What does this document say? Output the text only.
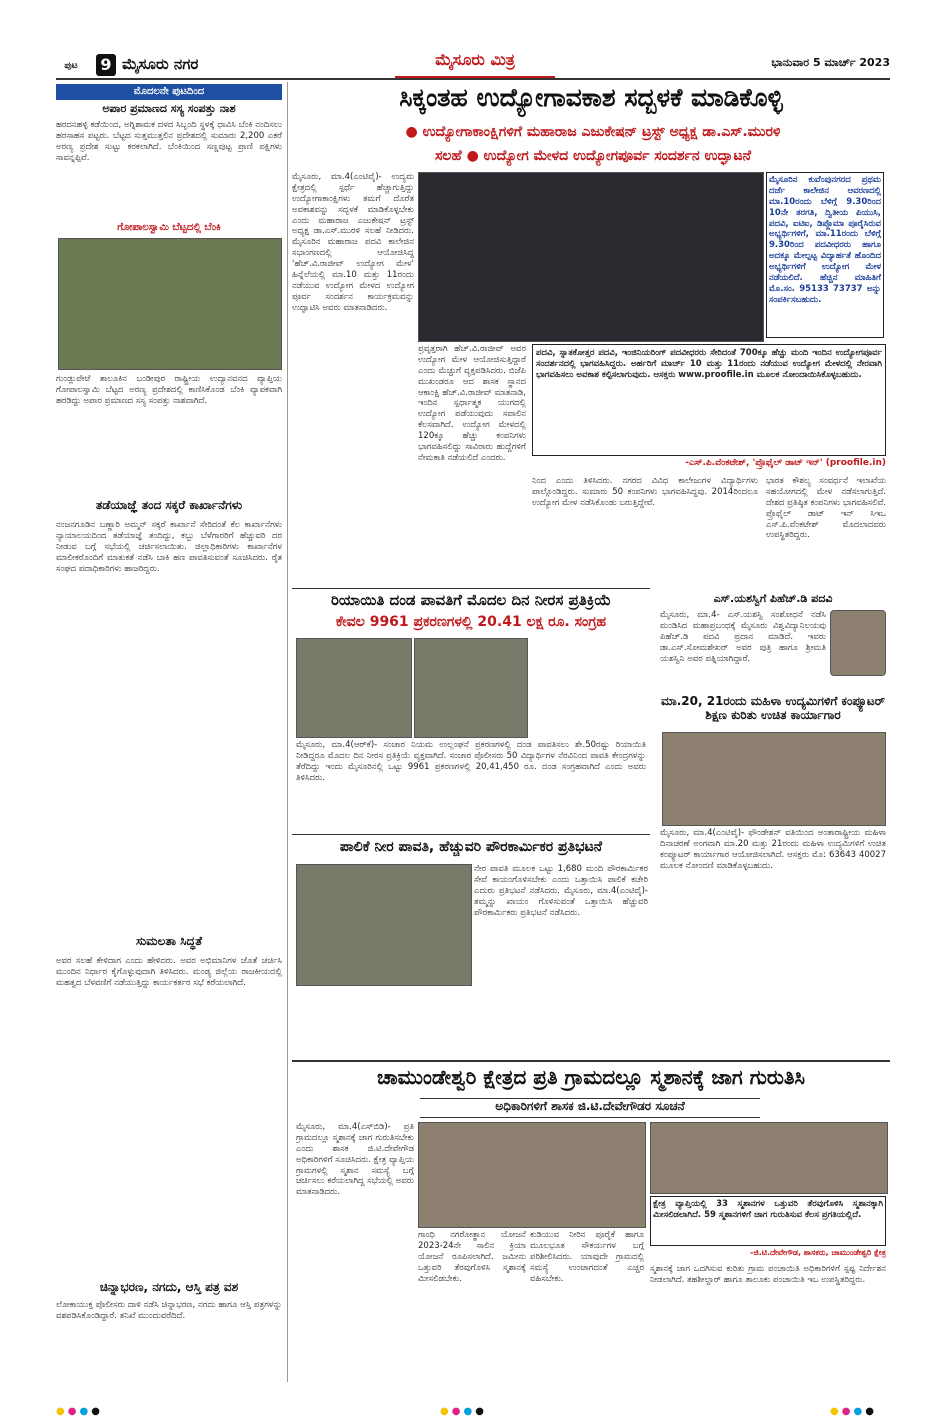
ಪುಟ	9 ಮೈಸೂರು ನಗರ	ಮೈಸೂರು ಮಿತ್ರ	ಭಾನುವಾರ 5 ಮಾರ್ಚ್ 2023
ಮೊದಲನೇ ಪುಟದಿಂದ
ಅಪಾರ ಪ್ರಮಾಣದ ಸಸ್ಯ ಸಂಪತ್ತು ನಾಶ
ಹರದನಹಳ್ಳಿ ಕಡೆಯಿಂದ, ಅಗ್ನಿಶಾಮಕ ದಳದ ಸಿಬ್ಬಂದಿ ಸ್ಥಳಕ್ಕೆ ಧಾವಿಸಿ ಬೆಂಕಿ ನಂದಿಸಲು ಹರಸಾಹಸ ಪಟ್ಟರು. ಬೆಟ್ಟದ ಸುತ್ತಮುತ್ತಲಿನ ಪ್ರದೇಶದಲ್ಲಿ ಸುಮಾರು 2,200 ಎಕರೆ ಅರಣ್ಯ ಪ್ರದೇಶ ಸುಟ್ಟು ಕರಕಲಾಗಿದೆ. ಬೆಂಕಿಯಿಂದ ಸಣ್ಣಪುಟ್ಟ ಪ್ರಾಣಿ ಪಕ್ಷಿಗಳು ಸಾವನ್ನಪ್ಪಿವೆ.
ಗೋಪಾಲಸ್ವಾಮಿ ಬೆಟ್ಟದಲ್ಲಿ ಬೆಂಕಿ
ಗುಂಡ್ಲುಪೇಟೆ ತಾಲೂಕಿನ ಬಂಡೀಪುರ ರಾಷ್ಟ್ರೀಯ ಉದ್ಯಾನವನದ ವ್ಯಾಪ್ತಿಯ ಗೋಪಾಲಸ್ವಾಮಿ ಬೆಟ್ಟದ ಅರಣ್ಯ ಪ್ರದೇಶದಲ್ಲಿ ಕಾಣಿಸಿಕೊಂಡ ಬೆಂಕಿ ವ್ಯಾಪಕವಾಗಿ ಹರಡಿದ್ದು ಅಪಾರ ಪ್ರಮಾಣದ ಸಸ್ಯ ಸಂಪತ್ತು ನಾಶವಾಗಿದೆ.
ತಡೆಯಾಜ್ಞೆ ತಂದ ಸಕ್ಕರೆ ಕಾರ್ಖಾನೆಗಳು
ನಂಜನಗೂಡಿನ ಬಣ್ಣಾರಿ ಅಮ್ಮನ್ ಸಕ್ಕರೆ ಕಾರ್ಖಾನೆ ಸೇರಿದಂತೆ ಕೆಲ ಕಾರ್ಖಾನೆಗಳು ನ್ಯಾಯಾಲಯದಿಂದ ತಡೆಯಾಜ್ಞೆ ತಂದಿದ್ದು, ಕಬ್ಬು ಬೆಳೆಗಾರರಿಗೆ ಹೆಚ್ಚುವರಿ ದರ ನೀಡುವ ಬಗ್ಗೆ ಸಭೆಯಲ್ಲಿ ಚರ್ಚಿಸಲಾಯಿತು. ಜಿಲ್ಲಾಧಿಕಾರಿಗಳು ಕಾರ್ಖಾನೆಗಳ ಮಾಲೀಕರೊಂದಿಗೆ ಮಾತುಕತೆ ನಡೆಸಿ ಬಾಕಿ ಹಣ ಪಾವತಿಸುವಂತೆ ಸೂಚಿಸಿದರು. ರೈತ ಸಂಘದ ಪದಾಧಿಕಾರಿಗಳು ಹಾಜರಿದ್ದರು.
ಸುಮಲತಾ ಸಿದ್ಧತೆ
ಅವರ ಸಲಹೆ ಕೇಳಿದಾಗ ಎಂದು ಹೇಳಿದರು. ಅವರ ಅಭಿಮಾನಿಗಳ ಜೊತೆ ಚರ್ಚಿಸಿ ಮುಂದಿನ ನಿರ್ಧಾರ ಕೈಗೊಳ್ಳುವುದಾಗಿ ತಿಳಿಸಿದರು. ಮಂಡ್ಯ ಜಿಲ್ಲೆಯ ರಾಜಕೀಯದಲ್ಲಿ ಮಹತ್ವದ ಬೆಳವಣಿಗೆ ನಡೆಯುತ್ತಿದ್ದು ಕಾರ್ಯಕರ್ತರ ಸಭೆ ಕರೆಯಲಾಗಿದೆ.
ಚಿನ್ನಾಭರಣ, ನಗದು, ಆಸ್ತಿ ಪತ್ರ ವಶ
ಲೋಕಾಯುಕ್ತ ಪೊಲೀಸರು ದಾಳಿ ನಡೆಸಿ ಚಿನ್ನಾಭರಣ, ನಗದು ಹಾಗೂ ಆಸ್ತಿ ಪತ್ರಗಳನ್ನು ವಶಪಡಿಸಿಕೊಂಡಿದ್ದಾರೆ. ತನಿಖೆ ಮುಂದುವರೆದಿದೆ.
ಸಿಕ್ಕಂತಹ ಉದ್ಯೋಗಾವಕಾಶ ಸದ್ಬಳಕೆ ಮಾಡಿಕೊಳ್ಳಿ
● ಉದ್ಯೋಗಾಕಾಂಕ್ಷಿಗಳಿಗೆ ಮಹಾರಾಜ ಎಜುಕೇಷನ್ ಟ್ರಸ್ಟ್ ಅಧ್ಯಕ್ಷ ಡಾ.ಎಸ್.ಮುರಳಿ
ಸಲಹೆ ● ಉದ್ಯೋಗ ಮೇಳದ ಉದ್ಯೋಗಪೂರ್ವ ಸಂದರ್ಶನ ಉದ್ಘಾಟನೆ
ಮೈಸೂರಿನ ಕುವೆಂಪುನಗರದ ಪ್ರಥಮ ದರ್ಜೆ ಕಾಲೇಜಿನ ಆವರಣದಲ್ಲಿ ಮಾ.10ರಂದು ಬೆಳಿಗ್ಗೆ 9.30ರಿಂದ 10ನೇ ತರಗತಿ, ದ್ವಿತೀಯ ಪಿಯುಸಿ, ಪದವಿ, ಐಟಿಐ, ಡಿಪ್ಲೊಮಾ ಪೂರೈಸಿರುವ ಅಭ್ಯರ್ಥಿಗಳಿಗೆ, ಮಾ.11ರಂದು ಬೆಳಿಗ್ಗೆ 9.30ರಿಂದ ಪದವೀಧರರು ಹಾಗೂ ಅದಕ್ಕೂ ಮೇಲ್ಪಟ್ಟ ವಿದ್ಯಾರ್ಹತೆ ಹೊಂದಿದ ಅಭ್ಯರ್ಥಿಗಳಿಗೆ ಉದ್ಯೋಗ ಮೇಳ ನಡೆಯಲಿದೆ. ಹೆಚ್ಚಿನ ಮಾಹಿತಿಗೆ ಮೊ.ಸಂ. 95133 73737 ಅನ್ನು ಸಂಪರ್ಕಿಸಬಹುದು.
ಮೈಸೂರು, ಮಾ.4(ಎಂಟಿವೈ)- ಉದ್ಯಮ ಕ್ಷೇತ್ರದಲ್ಲಿ ಸ್ಪರ್ಧೆ ಹೆಚ್ಚಾಗುತ್ತಿದ್ದು ಉದ್ಯೋಗಾಕಾಂಕ್ಷಿಗಳು ತಮಗೆ ದೊರೆತ ಅವಕಾಶವನ್ನು ಸದ್ಬಳಕೆ ಮಾಡಿಕೊಳ್ಳಬೇಕು ಎಂದು ಮಹಾರಾಜ ಎಜುಕೇಷನ್ ಟ್ರಸ್ಟ್ ಅಧ್ಯಕ್ಷ ಡಾ.ಎಸ್.ಮುರಳಿ ಸಲಹೆ ನೀಡಿದರು. ಮೈಸೂರಿನ ಮಹಾರಾಜ ಪದವಿ ಕಾಲೇಜಿನ ಸಭಾಂಗಣದಲ್ಲಿ ಆಯೋಜಿಸಿದ್ದ 'ಹೆಚ್.ವಿ.ರಾಜೀವ್ ಉದ್ಯೋಗ ಮೇಳ' ಹಿನ್ನೆಲೆಯಲ್ಲಿ ಮಾ.10 ಮತ್ತು 11ರಂದು ನಡೆಯುವ ಉದ್ಯೋಗ ಮೇಳದ ಉದ್ಯೋಗ ಪೂರ್ವ ಸಂದರ್ಶನ ಕಾರ್ಯಕ್ರಮವನ್ನು ಉದ್ಘಾಟಿಸಿ ಅವರು ಮಾತನಾಡಿದರು.
ಪ್ರವೃತ್ತರಾಗಿ ಹೆಚ್.ವಿ.ರಾಜೀವ್ ಅವರ ಉದ್ಯೋಗ ಮೇಳ ಆಯೋಜಿಸುತ್ತಿದ್ದಾರೆ ಎಂದು ಮೆಚ್ಚುಗೆ ವ್ಯಕ್ತಪಡಿಸಿದರು. ಬಿಜೆಪಿ ಮುಖಂಡರೂ ಆದ ಶಾಸಕ ಸ್ಥಾನದ ಆಕಾಂಕ್ಷಿ ಹೆಚ್.ವಿ.ರಾಜೀವ್ ಮಾತನಾಡಿ, ಇಂದಿನ ಸ್ಪರ್ಧಾತ್ಮಕ ಯುಗದಲ್ಲಿ ಉದ್ಯೋಗ ಪಡೆಯುವುದು ಸವಾಲಿನ ಕೆಲಸವಾಗಿದೆ. ಉದ್ಯೋಗ ಮೇಳದಲ್ಲಿ 120ಕ್ಕೂ ಹೆಚ್ಚು ಕಂಪನಿಗಳು ಭಾಗವಹಿಸಲಿದ್ದು ಸಾವಿರಾರು ಹುದ್ದೆಗಳಿಗೆ ನೇಮಕಾತಿ ನಡೆಯಲಿದೆ ಎಂದರು.
ಪದವಿ, ಸ್ನಾತಕೋತ್ತರ ಪದವಿ, ಇಂಜಿನಿಯರಿಂಗ್ ಪದವೀಧರರು ಸೇರಿದಂತೆ 700ಕ್ಕೂ ಹೆಚ್ಚು ಮಂದಿ ಇಂದಿನ ಉದ್ಯೋಗಪೂರ್ವ ಸಂದರ್ಶನದಲ್ಲಿ ಭಾಗವಹಿಸಿದ್ದರು. ಅರ್ಹರಿಗೆ ಮಾರ್ಚ್ 10 ಮತ್ತು 11ರಂದು ನಡೆಯುವ ಉದ್ಯೋಗ ಮೇಳದಲ್ಲಿ ನೇರವಾಗಿ ಭಾಗವಹಿಸಲು ಅವಕಾಶ ಕಲ್ಪಿಸಲಾಗುವುದು. ಆಸಕ್ತರು www.proofile.in ಮೂಲಕ ನೋಂದಾಯಿಸಿಕೊಳ್ಳಬಹುದು.
-ಎಸ್.ಪಿ.ವೆಂಕಟೇಶ್, 'ಪ್ರೊಫೈಲ್ ಡಾಟ್ ಇನ್' (proofile.in)
ನಿಂದ ಎಂದು ತಿಳಿಸಿದರು. ನಗರದ ವಿವಿಧ ಕಾಲೇಜುಗಳ ವಿದ್ಯಾರ್ಥಿಗಳು ಪಾಲ್ಗೊಂಡಿದ್ದರು. ಸುಮಾರು 50 ಕಂಪನಿಗಳು ಭಾಗವಹಿಸಿದ್ದವು. 2014ರಿಂದಲೂ ಉದ್ಯೋಗ ಮೇಳ ನಡೆಸಿಕೊಂಡು ಬರುತ್ತಿದ್ದೇವೆ.
ಭಾರತ ಕೌಶಲ್ಯ ಸಂವರ್ಧನೆ ಇಲಾಖೆಯ ಸಹಯೋಗದಲ್ಲಿ ಮೇಳ ನಡೆಸಲಾಗುತ್ತಿದೆ. ದೇಶದ ಪ್ರತಿಷ್ಠಿತ ಕಂಪನಿಗಳು ಭಾಗವಹಿಸಲಿವೆ. ಪ್ರೊಫೈಲ್ ಡಾಟ್ ಇನ್ ಸಿಇಒ ಎಸ್.ಪಿ.ವೆಂಕಟೇಶ್ ಮೊದಲಾದವರು ಉಪಸ್ಥಿತರಿದ್ದರು.
ರಿಯಾಯಿತಿ ದಂಡ ಪಾವತಿಗೆ ಮೊದಲ ದಿನ ನೀರಸ ಪ್ರತಿಕ್ರಿಯೆ
ಕೇವಲ 9961 ಪ್ರಕರಣಗಳಲ್ಲಿ 20.41 ಲಕ್ಷ ರೂ. ಸಂಗ್ರಹ
ಮೈಸೂರು, ಮಾ.4(ಆರ್‌ಕೆ)- ಸಂಚಾರ ನಿಯಮ ಉಲ್ಲಂಘನೆ ಪ್ರಕರಣಗಳಲ್ಲಿ ದಂಡ ಪಾವತಿಸಲು ಶೇ.50ರಷ್ಟು ರಿಯಾಯಿತಿ ನೀಡಿದ್ದರೂ ಮೊದಲ ದಿನ ನೀರಸ ಪ್ರತಿಕ್ರಿಯೆ ವ್ಯಕ್ತವಾಗಿದೆ. ಸಂಚಾರ ಪೊಲೀಸರು 50 ವಿದ್ಯಾರ್ಥಿಗಳ ನೆರವಿನಿಂದ ಪಾವತಿ ಕೇಂದ್ರಗಳನ್ನು ತೆರೆದಿದ್ದು ಇಂದು ಮೈಸೂರಿನಲ್ಲಿ ಒಟ್ಟು 9961 ಪ್ರಕರಣಗಳಲ್ಲಿ 20,41,450 ರೂ. ದಂಡ ಸಂಗ್ರಹವಾಗಿದೆ ಎಂದು ಅವರು ತಿಳಿಸಿದರು.
ಎಸ್.ಯಶಸ್ವಿಗೆ ಪಿಹೆಚ್.ಡಿ ಪದವಿ
ಮೈಸೂರು, ಮಾ.4- ಎಸ್.ಯಶಸ್ವಿ ಸಂಶೋಧನೆ ನಡೆಸಿ ಮಂಡಿಸಿದ ಮಹಾಪ್ರಬಂಧಕ್ಕೆ ಮೈಸೂರು ವಿಶ್ವವಿದ್ಯಾನಿಲಯವು ಪಿಹೆಚ್.ಡಿ ಪದವಿ ಪ್ರದಾನ ಮಾಡಿದೆ. ಇವರು ಡಾ.ಎಸ್.ಸೋಮಶೇಖರ್ ಅವರ ಪುತ್ರಿ ಹಾಗೂ ಶ್ರೀಮತಿ ಯಶಸ್ವಿನಿ ಅವರ ಪತ್ನಿಯಾಗಿದ್ದಾರೆ.
ಮಾ.20, 21ರಂದು ಮಹಿಳಾ ಉದ್ಯಮಿಗಳಿಗೆ ಕಂಪ್ಯೂಟರ್ ಶಿಕ್ಷಣ ಕುರಿತು ಉಚಿತ ಕಾರ್ಯಾಗಾರ
ಮೈಸೂರು, ಮಾ.4(ಎಂಟಿವೈ)- ಫೌಂಡೇಶನ್ ವತಿಯಿಂದ ಅಂತಾರಾಷ್ಟ್ರೀಯ ಮಹಿಳಾ ದಿನಾಚರಣೆ ಅಂಗವಾಗಿ ಮಾ.20 ಮತ್ತು 21ರಂದು ಮಹಿಳಾ ಉದ್ಯಮಿಗಳಿಗೆ ಉಚಿತ ಕಂಪ್ಯೂಟರ್ ಕಾರ್ಯಾಗಾರ ಆಯೋಜಿಸಲಾಗಿದೆ. ಆಸಕ್ತರು ಮೊ: 63643 40027 ಮೂಲಕ ನೋಂದಣಿ ಮಾಡಿಕೊಳ್ಳಬಹುದು.
ಪಾಲಿಕೆ ನೀರ ಪಾವತಿ, ಹೆಚ್ಚುವರಿ ಪೌರಕಾರ್ಮಿಕರ ಪ್ರತಿಭಟನೆ
ನೇರ ಪಾವತಿ ಮೂಲಕ ಒಟ್ಟು 1,680 ಮಂದಿ ಪೌರಕಾರ್ಮಿಕರ ಸೇವೆ ಕಾಯಂಗೊಳಿಸಬೇಕು ಎಂದು ಒತ್ತಾಯಿಸಿ ಪಾಲಿಕೆ ಕಚೇರಿ ಎದುರು ಪ್ರತಿಭಟನೆ ನಡೆಸಿದರು. ಮೈಸೂರು, ಮಾ.4(ಎಂಟಿವೈ)- ತಮ್ಮನ್ನು ಖಾಯಂ ಗೊಳಿಸುವಂತೆ ಒತ್ತಾಯಿಸಿ ಹೆಚ್ಚುವರಿ ಪೌರಕಾರ್ಮಿಕರು ಪ್ರತಿಭಟನೆ ನಡೆಸಿದರು.
ಚಾಮುಂಡೇಶ್ವರಿ ಕ್ಷೇತ್ರದ ಪ್ರತಿ ಗ್ರಾಮದಲ್ಲೂ ಸ್ಮಶಾನಕ್ಕೆ ಜಾಗ ಗುರುತಿಸಿ
ಅಧಿಕಾರಿಗಳಿಗೆ ಶಾಸಕ ಜಿ.ಟಿ.ದೇವೇಗೌಡರ ಸೂಚನೆ
ಮೈಸೂರು, ಮಾ.4(ಎಸ್‌ಬಿಡಿ)- ಪ್ರತಿ ಗ್ರಾಮದಲ್ಲೂ ಸ್ಮಶಾನಕ್ಕೆ ಜಾಗ ಗುರುತಿಸಬೇಕು ಎಂದು ಶಾಸಕ ಜಿ.ಟಿ.ದೇವೇಗೌಡ ಅಧಿಕಾರಿಗಳಿಗೆ ಸೂಚಿಸಿದರು. ಕ್ಷೇತ್ರ ವ್ಯಾಪ್ತಿಯ ಗ್ರಾಮಗಳಲ್ಲಿ ಸ್ಮಶಾನ ಸಮಸ್ಯೆ ಬಗ್ಗೆ ಚರ್ಚಿಸಲು ಕರೆಯಲಾಗಿದ್ದ ಸಭೆಯಲ್ಲಿ ಅವರು ಮಾತನಾಡಿದರು.
ಕ್ಷೇತ್ರ ವ್ಯಾಪ್ತಿಯಲ್ಲಿ 33 ಸ್ಮಶಾನಗಳ ಒತ್ತುವರಿ ತೆರವುಗೊಳಿಸಿ ಸ್ಮಶಾನಕ್ಕಾಗಿ ಮೀಸಲಿಡಲಾಗಿದೆ. 59 ಸ್ಮಶಾನಗಳಿಗೆ ಜಾಗ ಗುರುತಿಸುವ ಕೆಲಸ ಪ್ರಗತಿಯಲ್ಲಿದೆ.
-ಜಿ.ಟಿ.ದೇವೇಗೌಡ, ಶಾಸಕರು, ಚಾಮುಂಡೇಶ್ವರಿ ಕ್ಷೇತ್ರ
ಗಾಂಧಿ ನಗರೋತ್ಥಾನ ಯೋಜನೆ 2023-24ನೇ ಸಾಲಿನ ಕ್ರಿಯಾ ಯೋಜನೆ ರೂಪಿಸಲಾಗಿದೆ. ಜಮೀನು ಒತ್ತುವರಿ ತೆರವುಗೊಳಿಸಿ ಸ್ಮಶಾನಕ್ಕೆ ಮೀಸಲಿಡಬೇಕು.
ಕುಡಿಯುವ ನೀರಿನ ಪೂರೈಕೆ ಹಾಗೂ ಮೂಲಭೂತ ಸೌಕರ್ಯಗಳ ಬಗ್ಗೆ ಪರಿಶೀಲಿಸಿದರು. ಯಾವುದೇ ಗ್ರಾಮದಲ್ಲಿ ಸಮಸ್ಯೆ ಉಂಟಾಗದಂತೆ ಎಚ್ಚರ ವಹಿಸಬೇಕು.
ಸ್ಮಶಾನಕ್ಕೆ ಜಾಗ ಒದಗಿಸುವ ಕುರಿತು ಗ್ರಾಮ ಪಂಚಾಯಿತಿ ಅಧಿಕಾರಿಗಳಿಗೆ ಸ್ಪಷ್ಟ ನಿರ್ದೇಶನ ನೀಡಲಾಗಿದೆ. ತಹಶೀಲ್ದಾರ್ ಹಾಗೂ ತಾಲೂಕು ಪಂಚಾಯಿತಿ ಇಒ ಉಪಸ್ಥಿತರಿದ್ದರು.
●●●●	●●●●	●●●●
